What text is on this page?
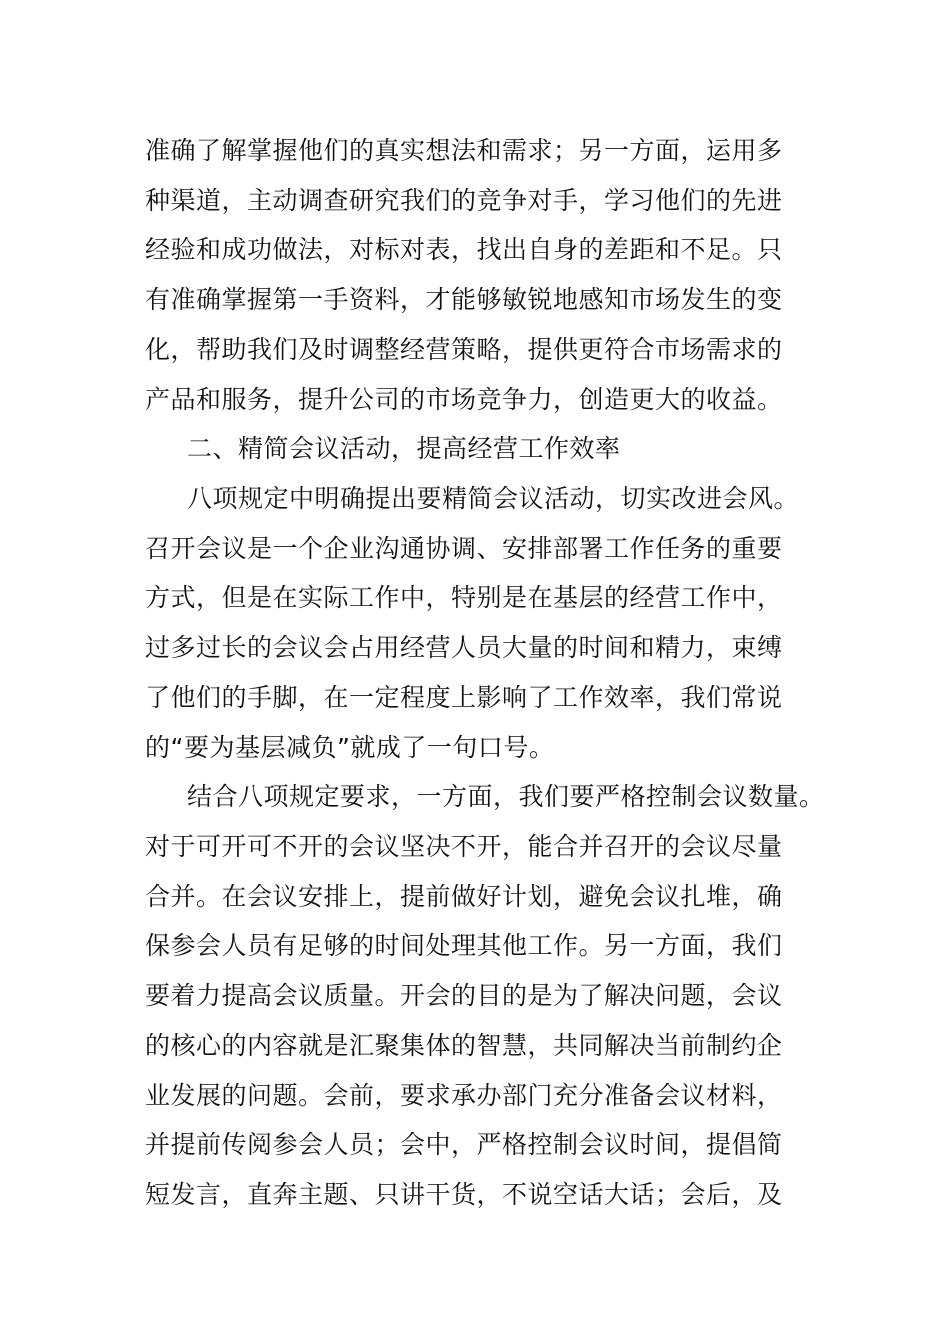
准确了解掌握他们的真实想法和需求；另一方面，运用多
种渠道，主动调查研究我们的竞争对手，学习他们的先进
经验和成功做法，对标对表，找出自身的差距和不足。只
有准确掌握第一手资料，才能够敏锐地感知市场发生的变
化，帮助我们及时调整经营策略，提供更符合市场需求的
产品和服务，提升公司的市场竞争力，创造更大的收益。
二、精简会议活动，提高经营工作效率
八项规定中明确提出要精简会议活动，切实改进会风。
召开会议是一个企业沟通协调、安排部署工作任务的重要
方式，但是在实际工作中，特别是在基层的经营工作中，
过多过长的会议会占用经营人员大量的时间和精力，束缚
了他们的手脚，在一定程度上影响了工作效率，我们常说
的“要为基层减负”就成了一句口号。
结合八项规定要求，一方面，我们要严格控制会议数量。
对于可开可不开的会议坚决不开，能合并召开的会议尽量
合并。在会议安排上，提前做好计划，避免会议扎堆，确
保参会人员有足够的时间处理其他工作。另一方面，我们
要着力提高会议质量。开会的目的是为了解决问题，会议
的核心的内容就是汇聚集体的智慧，共同解决当前制约企
业发展的问题。会前，要求承办部门充分准备会议材料，
并提前传阅参会人员；会中，严格控制会议时间，提倡简
短发言，直奔主题、只讲干货，不说空话大话；会后，及
